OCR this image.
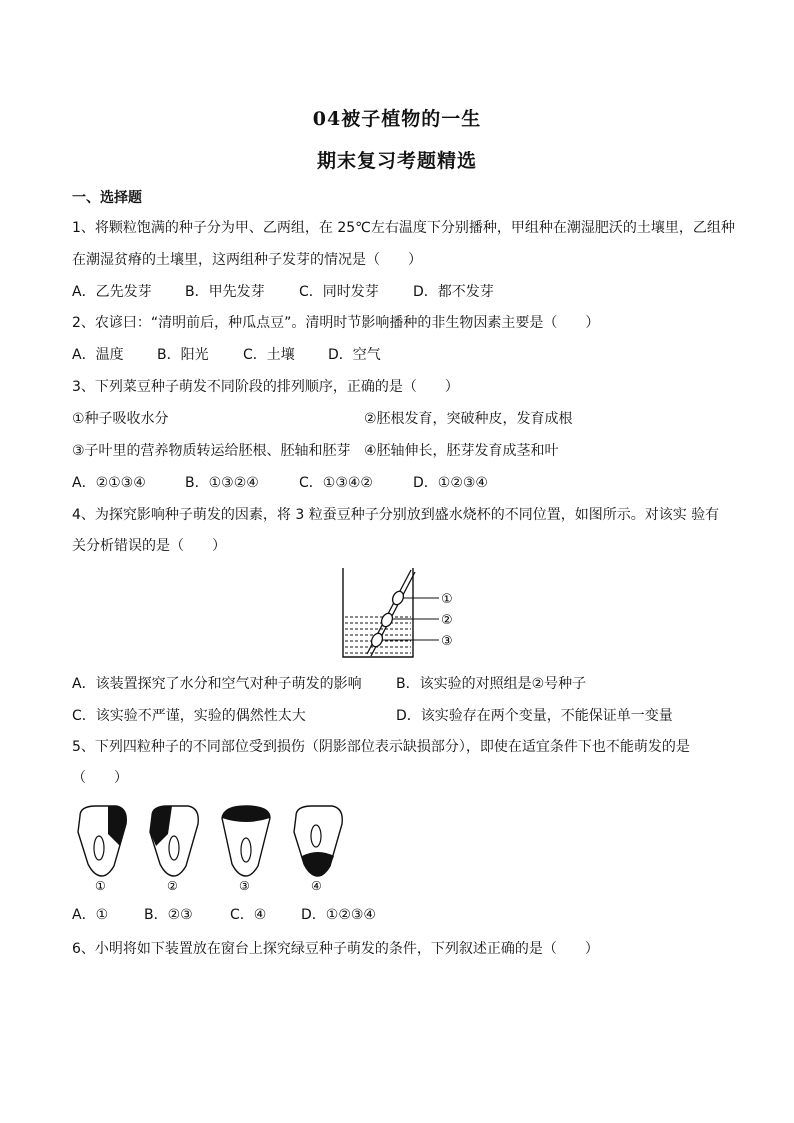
04被子植物的一生
期末复习考题精选
一、选择题
1、将颗粒饱满的种子分为甲、乙两组，在 25℃左右温度下分别播种，甲组种在潮湿肥沃的土壤里，乙组种
在潮湿贫瘠的土壤里，这两组种子发芽的情况是（　　）
A．乙先发芽 B．甲先发芽 C．同时发芽 D．都不发芽
2、农谚曰：“清明前后，种瓜点豆”。清明时节影响播种的非生物因素主要是（　　）
A．温度 B．阳光 C．土壤 D．空气
3、下列菜豆种子萌发不同阶段的排列顺序，正确的是（　　）
①种子吸收水分	②胚根发育，突破种皮，发育成根
③子叶里的营养物质转运给胚根、胚轴和胚芽 ④胚轴伸长，胚芽发育成茎和叶
A．②①③④	B．①③②④	C．①③④②	D．①②③④
4、为探究影响种子萌发的因素，将 3 粒蚕豆种子分别放到盛水烧杯的不同位置，如图所示。对该实 验有
关分析错误的是（　　）
①
②
③
A．该装置探究了水分和空气对种子萌发的影响 B．该实验的对照组是②号种子
C．该实验不严谨，实验的偶然性太大	D．该实验存在两个变量，不能保证单一变量
5、下列四粒种子的不同部位受到损伤（阴影部位表示缺损部分），即使在适宜条件下也不能萌发的是
（　　）
①	②	③	④
A．①	B．②③	C．④ D．①②③④
6、小明将如下装置放在窗台上探究绿豆种子萌发的条件，下列叙述正确的是（　　）
